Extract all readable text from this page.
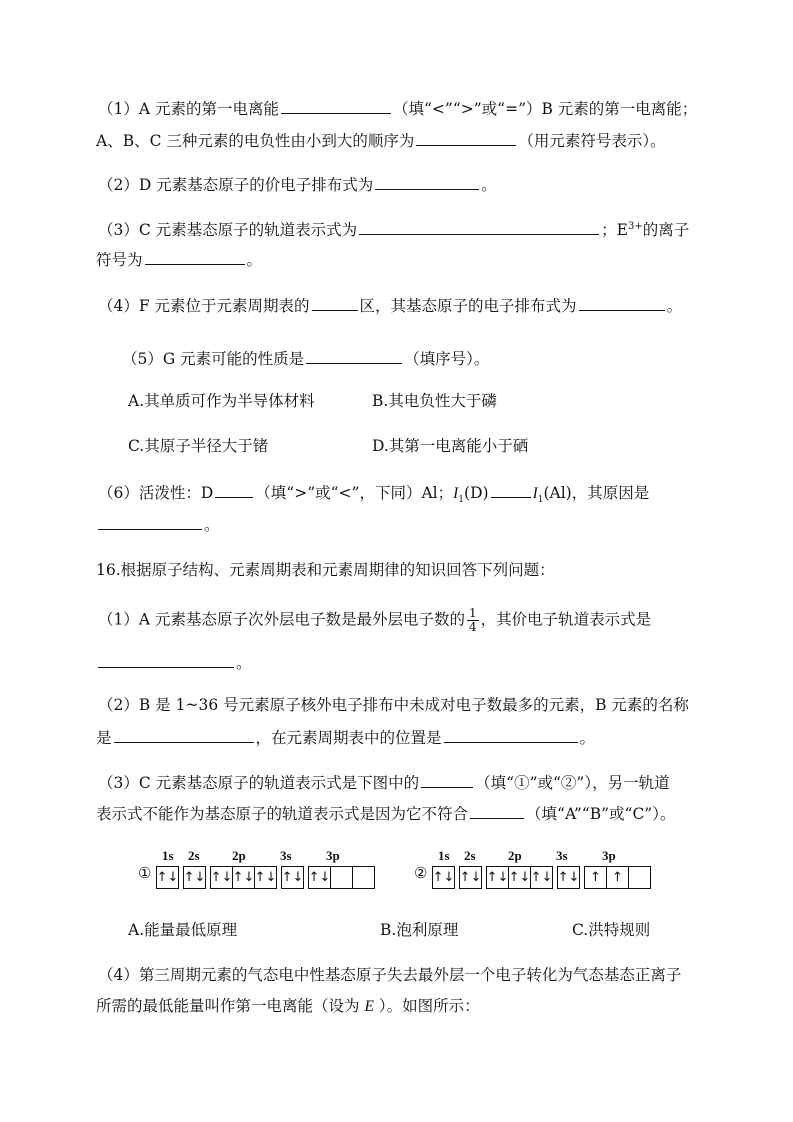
（1）A 元素的第一电离能	（填“<”“>”或“=”）B 元素的第一电离能；
A、B、C 三种元素的电负性由小到大的顺序为	（用元素符号表示）。
（2）D 元素基态原子的价电子排布式为	。
（3）C 元素基态原子的轨道表示式为	；$E^{3+}$的离子
符号为	。
（4）F 元素位于元素周期表的	区，其基态原子的电子排布式为	。
（5）G 元素可能的性质是	（填序号）。
A.其单质可作为半导体材料	B.其电负性大于磷
C.其原子半径大于锗	D.其第一电离能小于硒
（6）活泼性：D	（填“>”或“<”，下同）Al；$I_1(D)$	$I_1(Al)$，其原因是
。
16.根据原子结构、元素周期表和元素周期律的知识回答下列问题：
（1）A 元素基态原子次外层电子数是最外层电子数的 $\frac{1}{4}$ ，其价电子轨道表示式是
。
（2）B 是 1~36 号元素原子核外电子排布中未成对电子数最多的元素，B 元素的名称
是	，在元素周期表中的位置是	。
（3）C 元素基态原子的轨道表示式是下图中的	（填“①”或“②”），另一轨道
表示式不能作为基态原子的轨道表示式是因为它不符合	（填“A”“B”或“C”）。
①
1s 2s 2p	3s	3p
↑↓ ↑↓ ↑↓ ↑↓ ↑↓ ↑↓ ↑↓	②
1s 2s 2p	3s	3p
↑↓ ↑↓ ↑↓ ↑↓ ↑↓ ↑↓ ↑ ↑
A.能量最低原理	B.泡利原理	C.洪特规则
（4）第三周期元素的气态电中性基态原子失去最外层一个电子转化为气态基态正离子
所需的最低能量叫作第一电离能（设为 E ）。如图所示：
